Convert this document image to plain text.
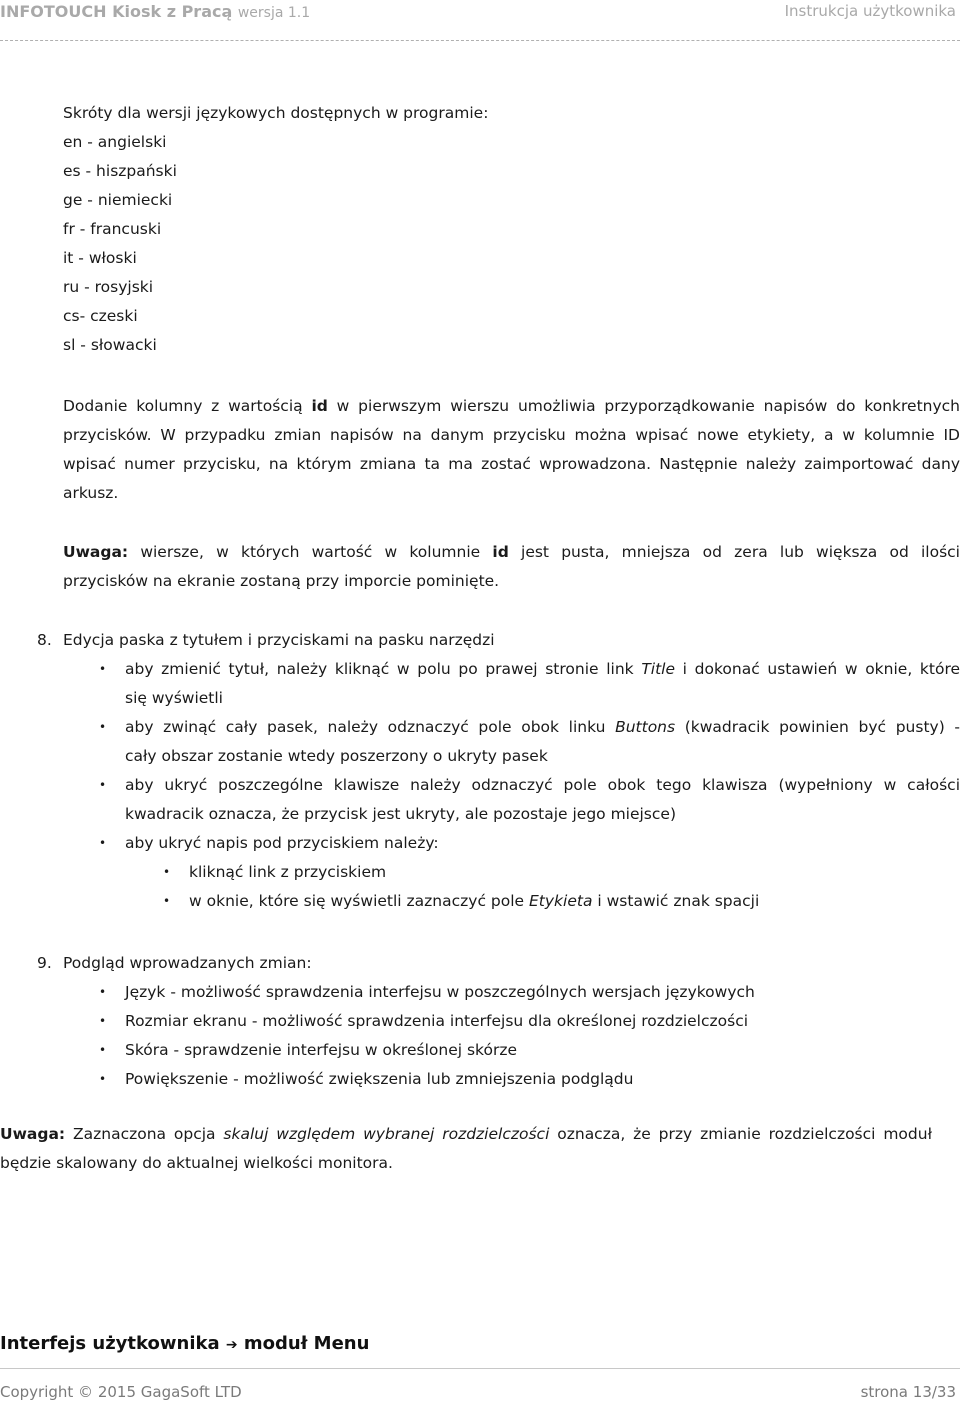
INFOTOUCH Kiosk z Pracą wersja 1.1	Instrukcja użytkownika
Skróty dla wersji językowych dostępnych w programie:
en - angielski
es - hiszpański
ge - niemiecki
fr - francuski
it - włoski
ru - rosyjski
cs- czeski
sl - słowacki
Dodanie kolumny z wartością id w pierwszym wierszu umożliwia przyporządkowanie napisów do konkretnych
przycisków. W przypadku zmian napisów na danym przycisku można wpisać nowe etykiety, a w kolumnie ID
wpisać numer przycisku, na którym zmiana ta ma zostać wprowadzona. Następnie należy zaimportować dany
arkusz.
Uwaga: wiersze, w których wartość w kolumnie id jest pusta, mniejsza od zera lub większa od ilości
przycisków na ekranie zostaną przy imporcie pominięte.
8. Edycja paska z tytułem i przyciskami na pasku narzędzi
• aby zmienić tytuł, należy kliknąć w polu po prawej stronie link Title i dokonać ustawień w oknie, które
się wyświetli
• aby zwinąć cały pasek, należy odznaczyć pole obok linku Buttons (kwadracik powinien być pusty) -
cały obszar zostanie wtedy poszerzony o ukryty pasek
• aby ukryć poszczególne klawisze należy odznaczyć pole obok tego klawisza (wypełniony w całości
kwadracik oznacza, że przycisk jest ukryty, ale pozostaje jego miejsce)
• aby ukryć napis pod przyciskiem należy:
• kliknąć link z przyciskiem
• w oknie, które się wyświetli zaznaczyć pole Etykieta i wstawić znak spacji
9. Podgląd wprowadzanych zmian:
• Język - możliwość sprawdzenia interfejsu w poszczególnych wersjach językowych
• Rozmiar ekranu - możliwość sprawdzenia interfejsu dla określonej rozdzielczości
• Skóra - sprawdzenie interfejsu w określonej skórze
• Powiększenie - możliwość zwiększenia lub zmniejszenia podglądu
Uwaga: Zaznaczona opcja skaluj względem wybranej rozdzielczości oznacza, że przy zmianie rozdzielczości moduł
będzie skalowany do aktualnej wielkości monitora.
Interfejs użytkownika ➔ moduł Menu
Copyright © 2015 GagaSoft LTD	strona 13/33
